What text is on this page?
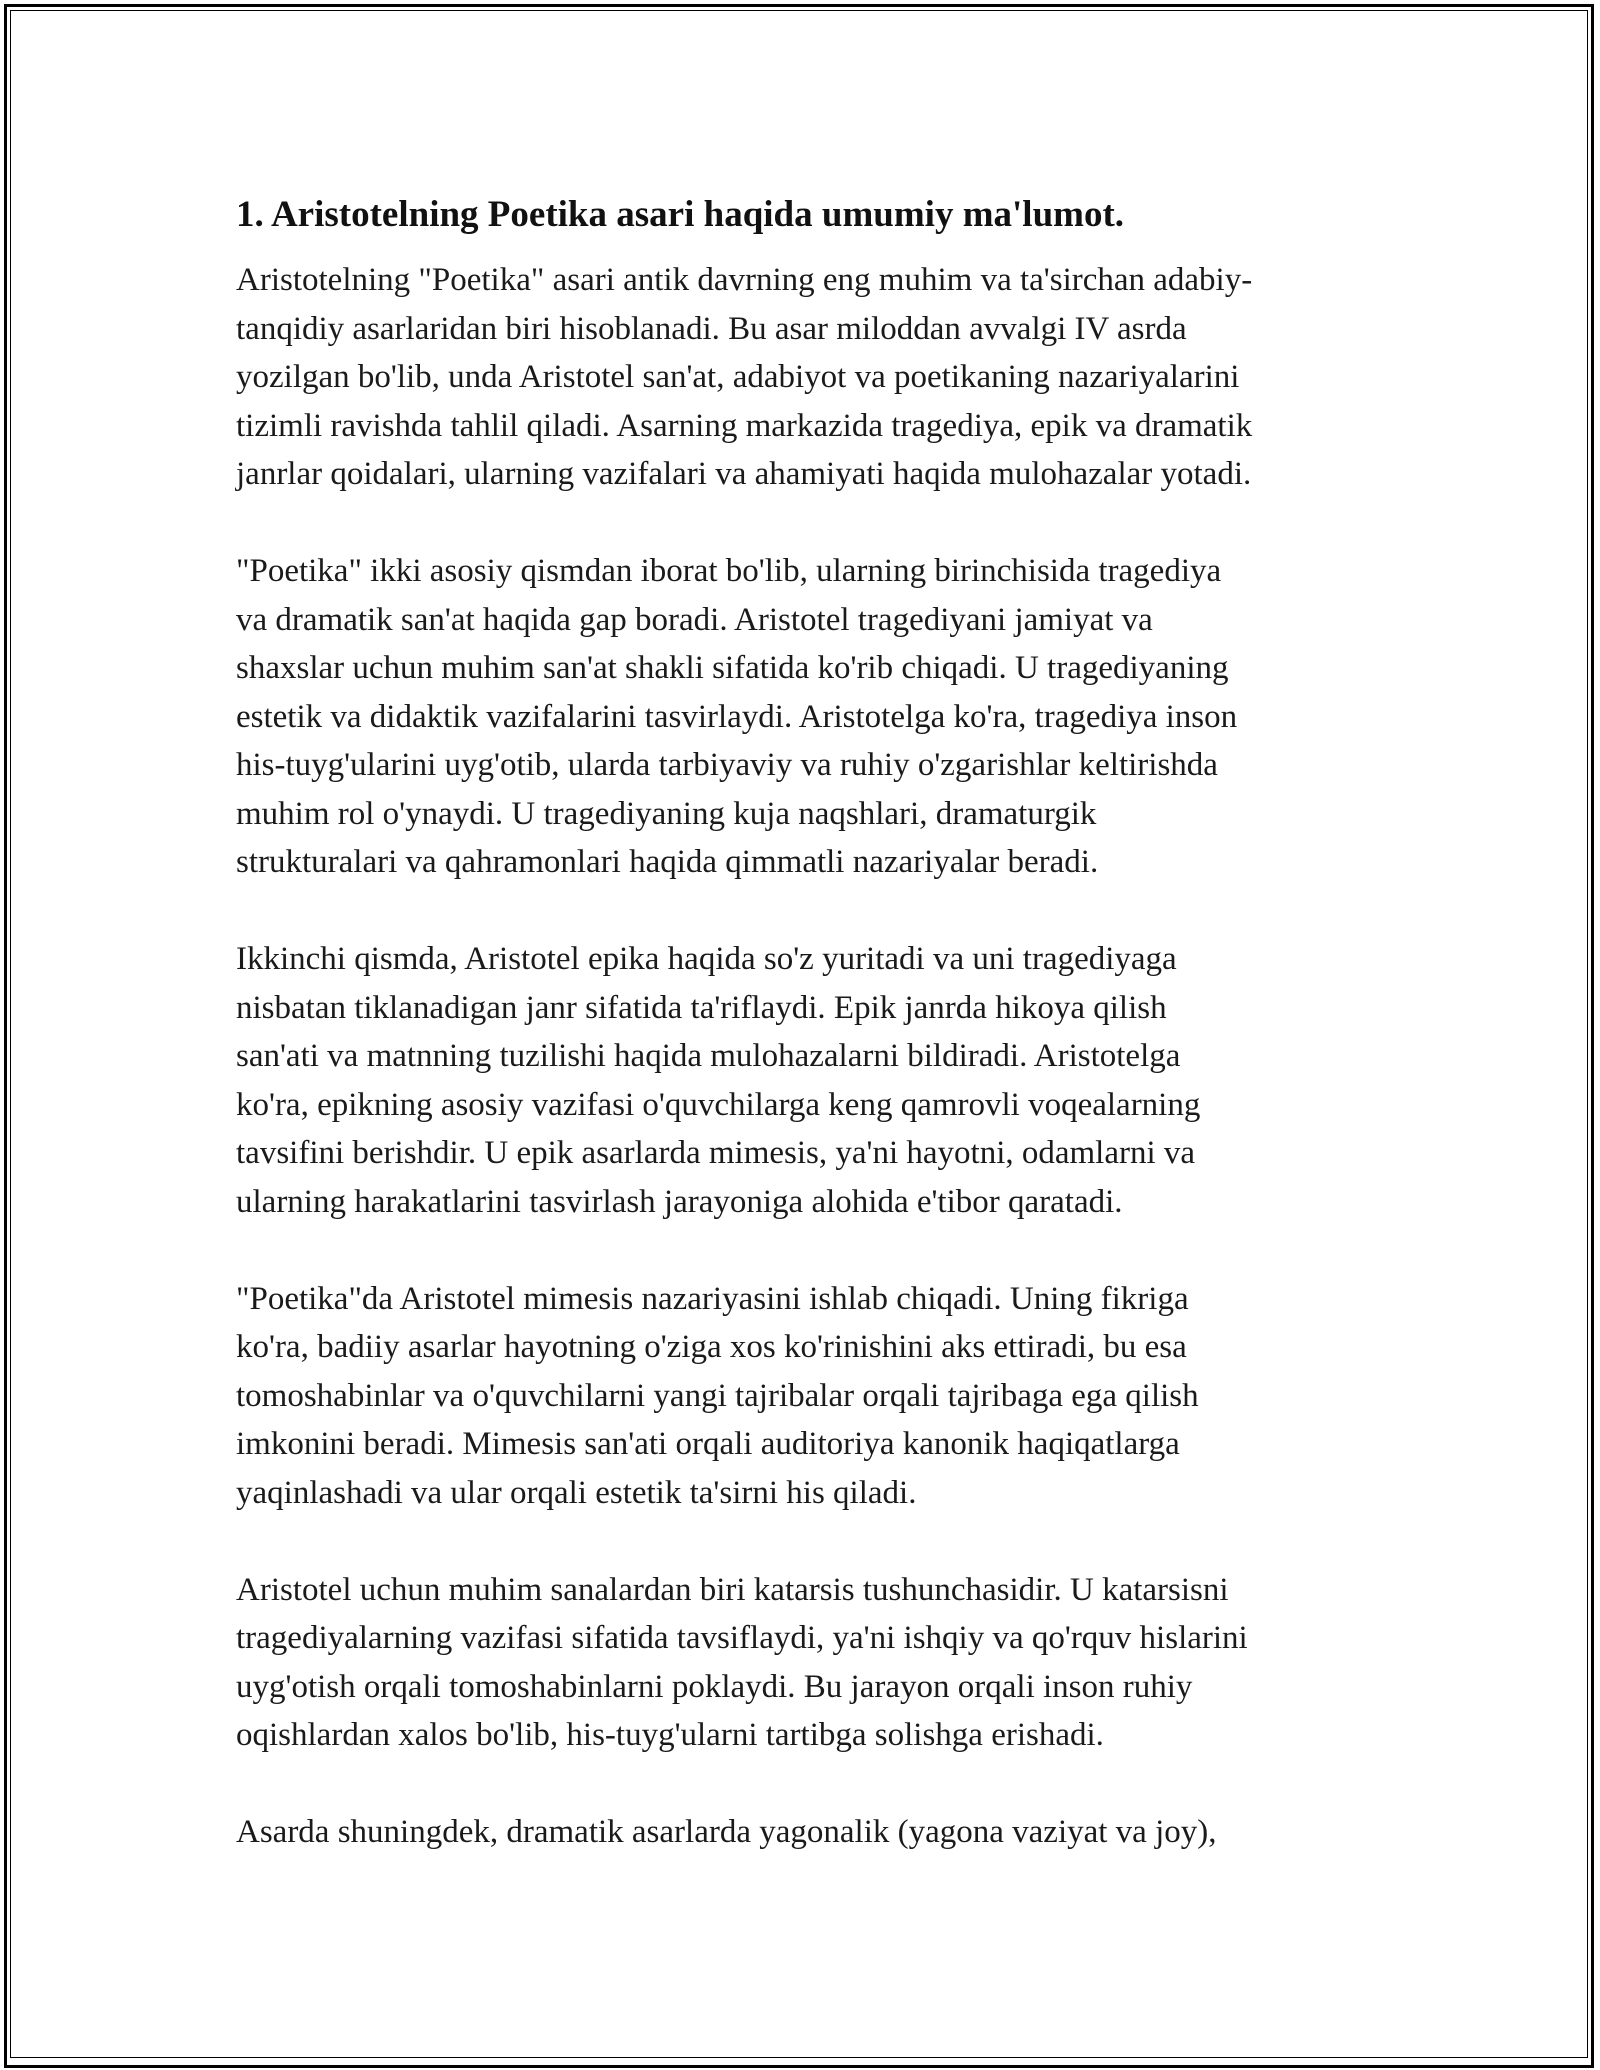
1. Aristotelning Poetika asari haqida umumiy ma'lumot.
Aristotelning "Poetika" asari antik davrning eng muhim va ta'sirchan adabiy-
tanqidiy asarlaridan biri hisoblanadi. Bu asar miloddan avvalgi IV asrda
yozilgan bo'lib, unda Aristotel san'at, adabiyot va poetikaning nazariyalarini
tizimli ravishda tahlil qiladi. Asarning markazida tragediya, epik va dramatik
janrlar qoidalari, ularning vazifalari va ahamiyati haqida mulohazalar yotadi.
"Poetika" ikki asosiy qismdan iborat bo'lib, ularning birinchisida tragediya
va dramatik san'at haqida gap boradi. Aristotel tragediyani jamiyat va
shaxslar uchun muhim san'at shakli sifatida ko'rib chiqadi. U tragediyaning
estetik va didaktik vazifalarini tasvirlaydi. Aristotelga ko'ra, tragediya inson
his-tuyg'ularini uyg'otib, ularda tarbiyaviy va ruhiy o'zgarishlar keltirishda
muhim rol o'ynaydi. U tragediyaning kuja naqshlari, dramaturgik
strukturalari va qahramonlari haqida qimmatli nazariyalar beradi.
Ikkinchi qismda, Aristotel epika haqida so'z yuritadi va uni tragediyaga
nisbatan tiklanadigan janr sifatida ta'riflaydi. Epik janrda hikoya qilish
san'ati va matnning tuzilishi haqida mulohazalarni bildiradi. Aristotelga
ko'ra, epikning asosiy vazifasi o'quvchilarga keng qamrovli voqealarning
tavsifini berishdir. U epik asarlarda mimesis, ya'ni hayotni, odamlarni va
ularning harakatlarini tasvirlash jarayoniga alohida e'tibor qaratadi.
"Poetika"da Aristotel mimesis nazariyasini ishlab chiqadi. Uning fikriga
ko'ra, badiiy asarlar hayotning o'ziga xos ko'rinishini aks ettiradi, bu esa
tomoshabinlar va o'quvchilarni yangi tajribalar orqali tajribaga ega qilish
imkonini beradi. Mimesis san'ati orqali auditoriya kanonik haqiqatlarga
yaqinlashadi va ular orqali estetik ta'sirni his qiladi.
Aristotel uchun muhim sanalardan biri katarsis tushunchasidir. U katarsisni
tragediyalarning vazifasi sifatida tavsiflaydi, ya'ni ishqiy va qo'rquv hislarini
uyg'otish orqali tomoshabinlarni poklaydi. Bu jarayon orqali inson ruhiy
oqishlardan xalos bo'lib, his-tuyg'ularni tartibga solishga erishadi.
Asarda shuningdek, dramatik asarlarda yagonalik (yagona vaziyat va joy),
